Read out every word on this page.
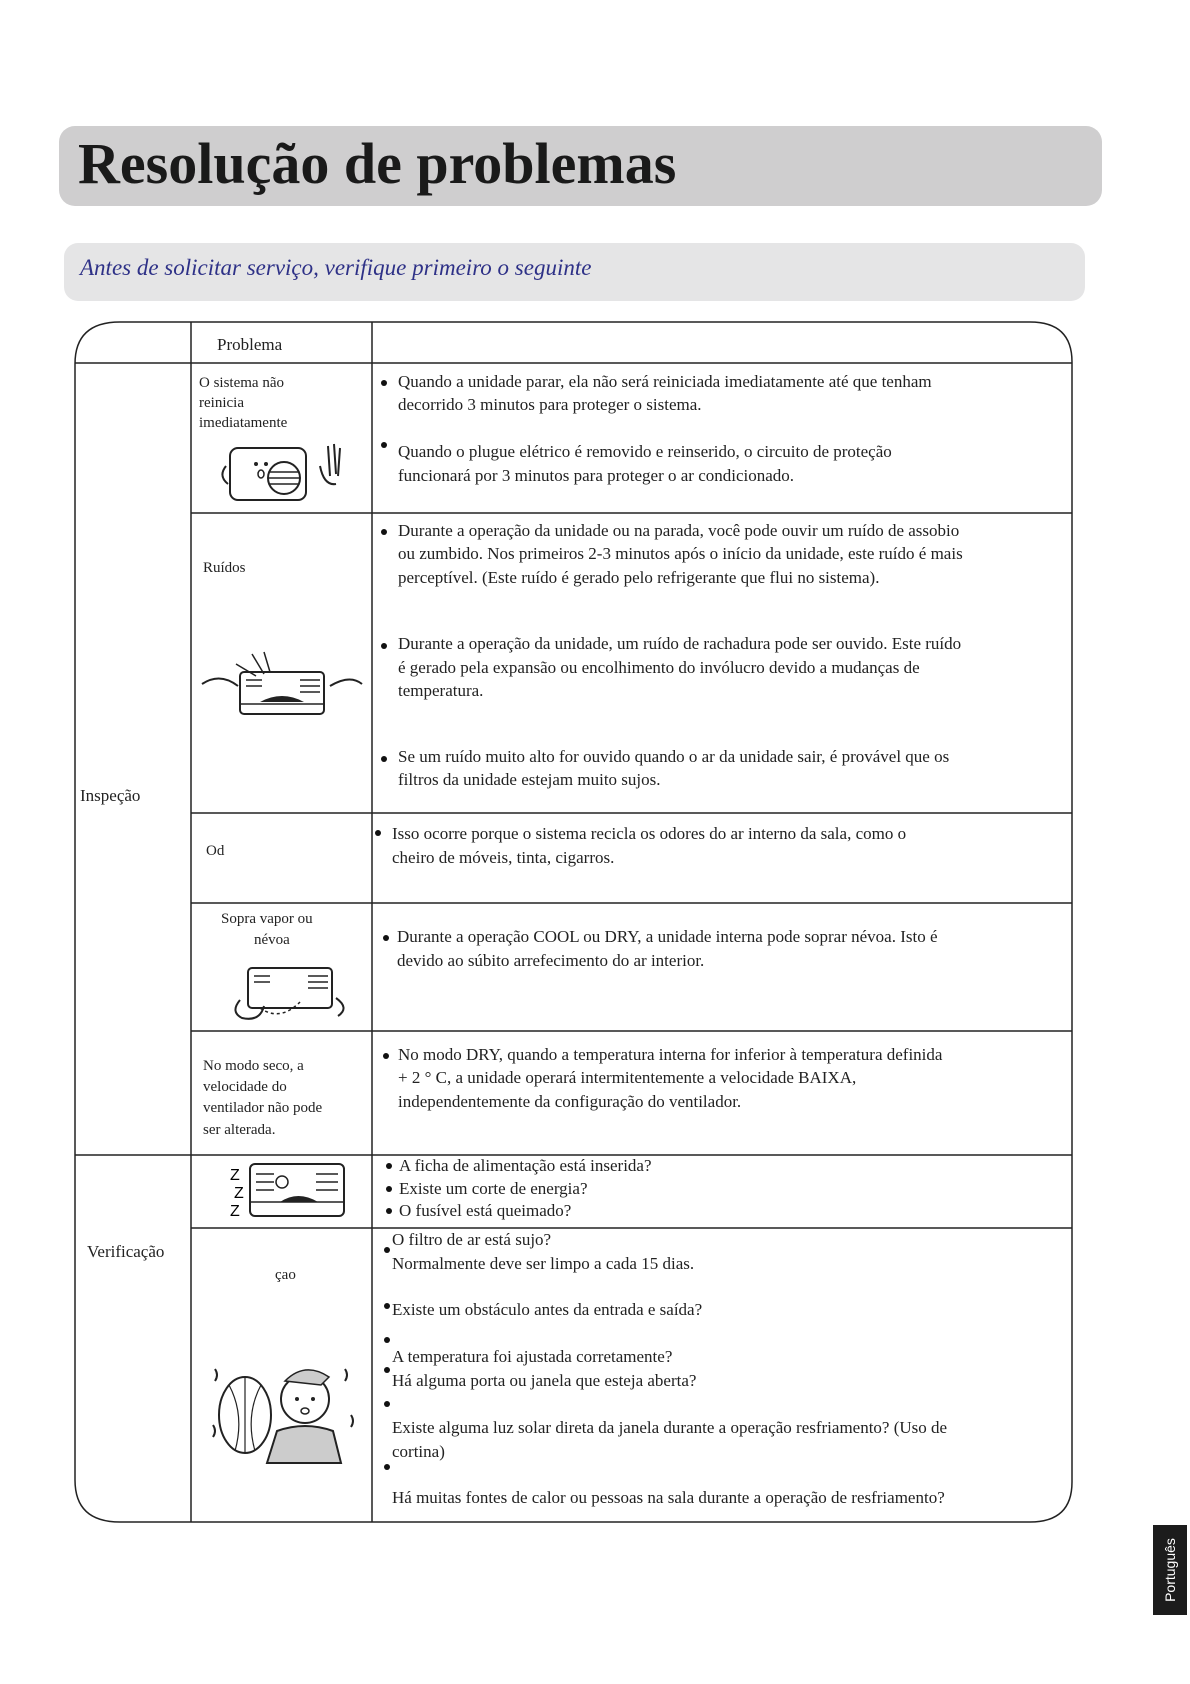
Resolução de problemas
Antes de solicitar serviço, verifique primeiro o seguinte
Problema
Inspeção
Verificação
O sistema não
reinicia
imediatamente
Quando a unidade parar, ela não será reiniciada imediatamente até que tenham
decorrido 3 minutos para proteger o sistema.
Quando o plugue elétrico é removido e reinserido, o circuito de proteção
funcionará por 3 minutos para proteger o ar condicionado.
Ruídos
Durante a operação da unidade ou na parada, você pode ouvir um ruído de assobio
ou zumbido. Nos primeiros 2-3 minutos após o início da unidade, este ruído é mais
perceptível. (Este ruído é gerado pelo refrigerante que flui no sistema).
Durante a operação da unidade, um ruído de rachadura pode ser ouvido. Este ruído
é gerado pela expansão ou encolhimento do invólucro devido a mudanças de
temperatura.
Se um ruído muito alto for ouvido quando o ar da unidade sair, é provável que os
filtros da unidade estejam muito sujos.
Od
Isso ocorre porque o sistema recicla os odores do ar interno da sala, como o
cheiro de móveis, tinta, cigarros.
Sopra vapor ou
névoa	Durante a operação COOL ou DRY, a unidade interna pode soprar névoa. Isto é
devido ao súbito arrefecimento do ar interior.
No modo seco, a
velocidade do
ventilador não pode
ser alterada.
No modo DRY, quando a temperatura interna for inferior à temperatura definida
+ 2 ° C, a unidade operará intermitentemente a velocidade BAIXA,
independentemente da configuração do ventilador.
Z
Z
Z
A ficha de alimentação está inserida?
Existe um corte de energia?
O fusível está queimado?
çao
O filtro de ar está sujo?
Normalmente deve ser limpo a cada 15 dias.
Existe um obstáculo antes da entrada e saída?
A temperatura foi ajustada corretamente?
Há alguma porta ou janela que esteja aberta?
Existe alguma luz solar direta da janela durante a operação resfriamento? (Uso de
cortina)
Há muitas fontes de calor ou pessoas na sala durante a operação de resfriamento?
Português
